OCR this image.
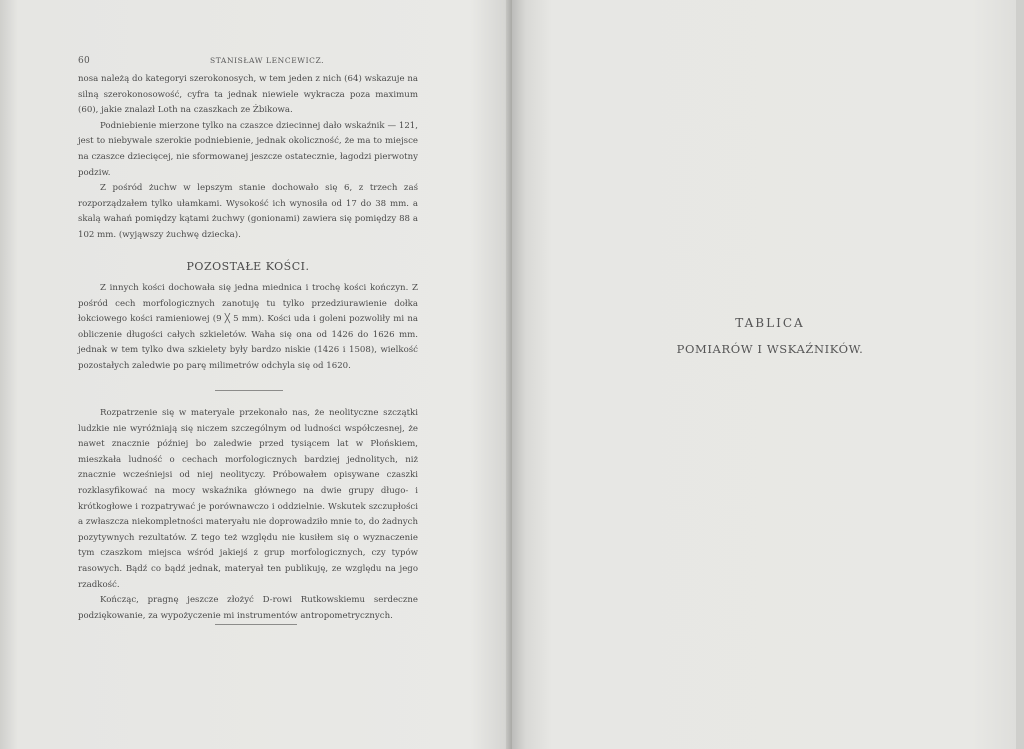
60	STANISŁAW LENCEWICZ.

nosa należą do kategoryi szerokonosych, w tem jeden z nich (64) wskazuje na silną szerokonosowość, cyfra ta jednak niewiele wykracza poza maximum (60), jakie znalazł Loth na czaszkach ze Żbikowa.

Podniebienie mierzone tylko na czaszce dziecinnej dało wskaźnik — 121, jest to niebywale szerokie podniebienie, jednak okoliczność, że ma to miejsce na czaszce dziecięcej, nie sformowanej jeszcze ostatecznie, łagodzi pierwotny podziw.

Z pośród żuchw w lepszym stanie dochowało się 6, z trzech zaś rozporządzałem tylko ułamkami. Wysokość ich wynosiła od 17 do 38 mm. a skalą wahań pomiędzy kątami żuchwy (gonionami) zawiera się pomiędzy 88 a 102 mm. (wyjąwszy żuchwę dziecka).

POZOSTAŁE KOŚCI.

Z innych kości dochowała się jedna miednica i trochę kości kończyn. Z pośród cech morfologicznych zanotuję tu tylko przedziurawienie dołka łokciowego kości ramieniowej (9 ╳ 5 mm). Kości uda i goleni pozwoliły mi na obliczenie długości całych szkieletów. Waha się ona od 1426 do 1626 mm. jednak w tem tylko dwa szkielety były bardzo niskie (1426 i 1508), wielkość pozostałych zaledwie po parę milimetrów odchyla się od 1620.

Rozpatrzenie się w materyale przekonało nas, że neolityczne szczątki ludzkie nie wyróżniają się niczem szczególnym od ludności współczesnej, że nawet znacznie później bo zaledwie przed tysiącem lat w Płońskiem, mieszkała ludność o cechach morfologicznych bardziej jednolitych, niż znacznie wcześniejsi od niej neolityczy. Próbowałem opisywane czaszki rozklasyfikować na mocy wskaźnika głównego na dwie grupy długo- i krótkogłowe i rozpatrywać je porównawczo i oddzielnie. Wskutek szczupłości a zwłaszcza niekompletności materyału nie doprowadziło mnie to, do żadnych pozytywnych rezultatów. Z tego też względu nie kusiłem się o wyznaczenie tym czaszkom miejsca wśród jakiejś z grup morfologicznych, czy typów rasowych. Bądź co bądź jednak, materyał ten publikuję, ze względu na jego rzadkość.

Kończąc, pragnę jeszcze złożyć D-rowi Rutkowskiemu serdeczne podziękowanie, za wypożyczenie mi instrumentów antropometrycznych.

TABLICA
POMIARÓW I WSKAŹNIKÓW.
